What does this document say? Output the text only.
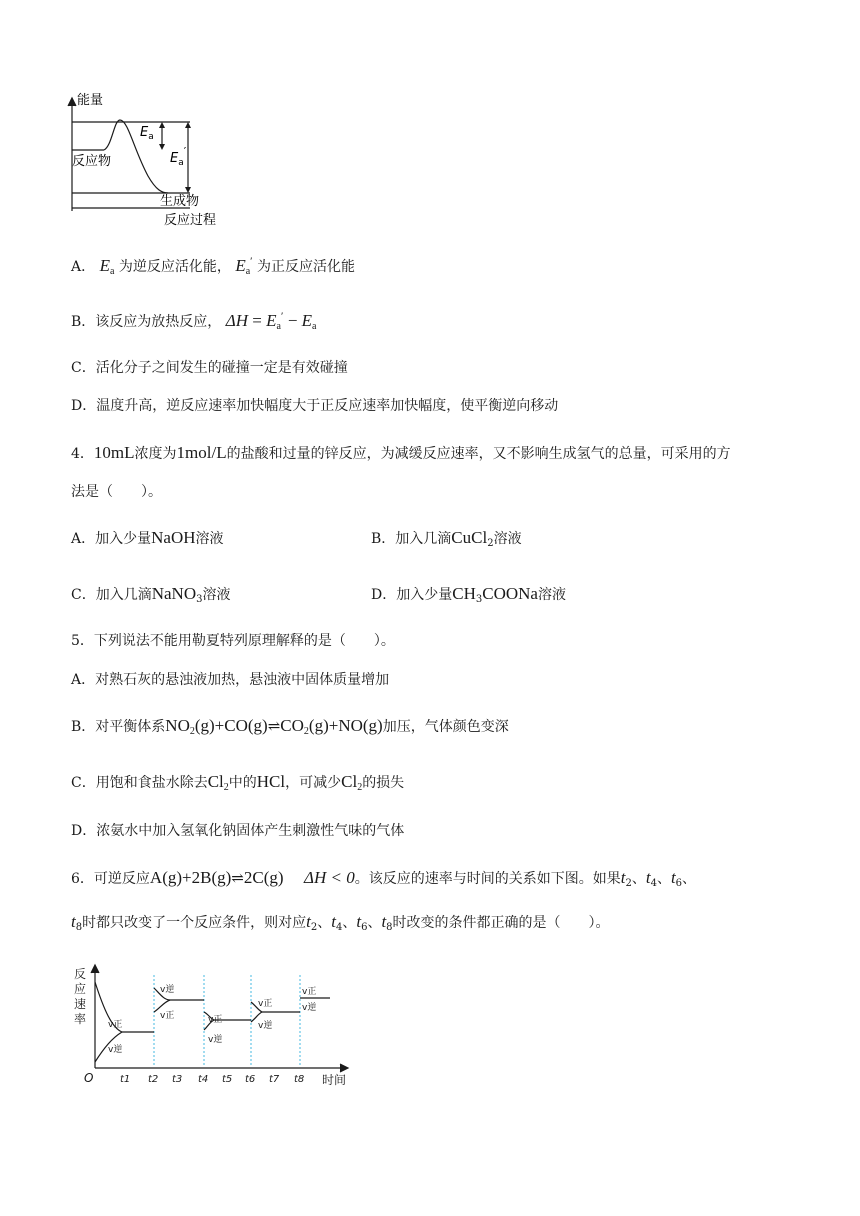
能量
反应物
生成物
反应过程
$E_a$
$E_a'$
A． $E_a$ 为逆反应活化能， $E_a'$ 为正反应活化能
B．该反应为放热反应， $\Delta H = E_a' - E_a$
C．活化分子之间发生的碰撞一定是有效碰撞
D．温度升高，逆反应速率加快幅度大于正反应速率加快幅度，使平衡逆向移动
4．10mL浓度为1mol/L的盐酸和过量的锌反应，为减缓反应速率，又不影响生成氢气的总量，可采用的方
法是（　　）。
A．加入少量NaOH溶液	B．加入几滴CuCl$_2$溶液
C．加入几滴NaNO$_3$溶液	D．加入少量$CH_3COONa$溶液
5．下列说法不能用勒夏特列原理解释的是（　　）。
A．对熟石灰的悬浊液加热，悬浊液中固体质量增加
B．对平衡体系$NO_2(g)+CO(g)\rightleftharpoons CO_2(g)+NO(g)$加压，气体颜色变深
C．用饱和食盐水除去$Cl_2$中的HCl，可减少$Cl_2$的损失
D．浓氨水中加入氢氧化钠固体产生刺激性气味的气体
6．可逆反应A(g)+2B(g)⇌2C(g) ΔH < 0。该反应的速率与时间的关系如下图。如果$t_2$、$t_4$、$t_6$、
$t_8$时都只改变了一个反应条件，则对应$t_2$、$t_4$、$t_6$、$t_8$时改变的条件都正确的是（　　）。
反
应
速
率
时间
O	t1 t2 t3 t4 t5 t6 t7 t8
v正
v逆
v逆
v正	v正
v逆
v正
v逆
v正
v逆
